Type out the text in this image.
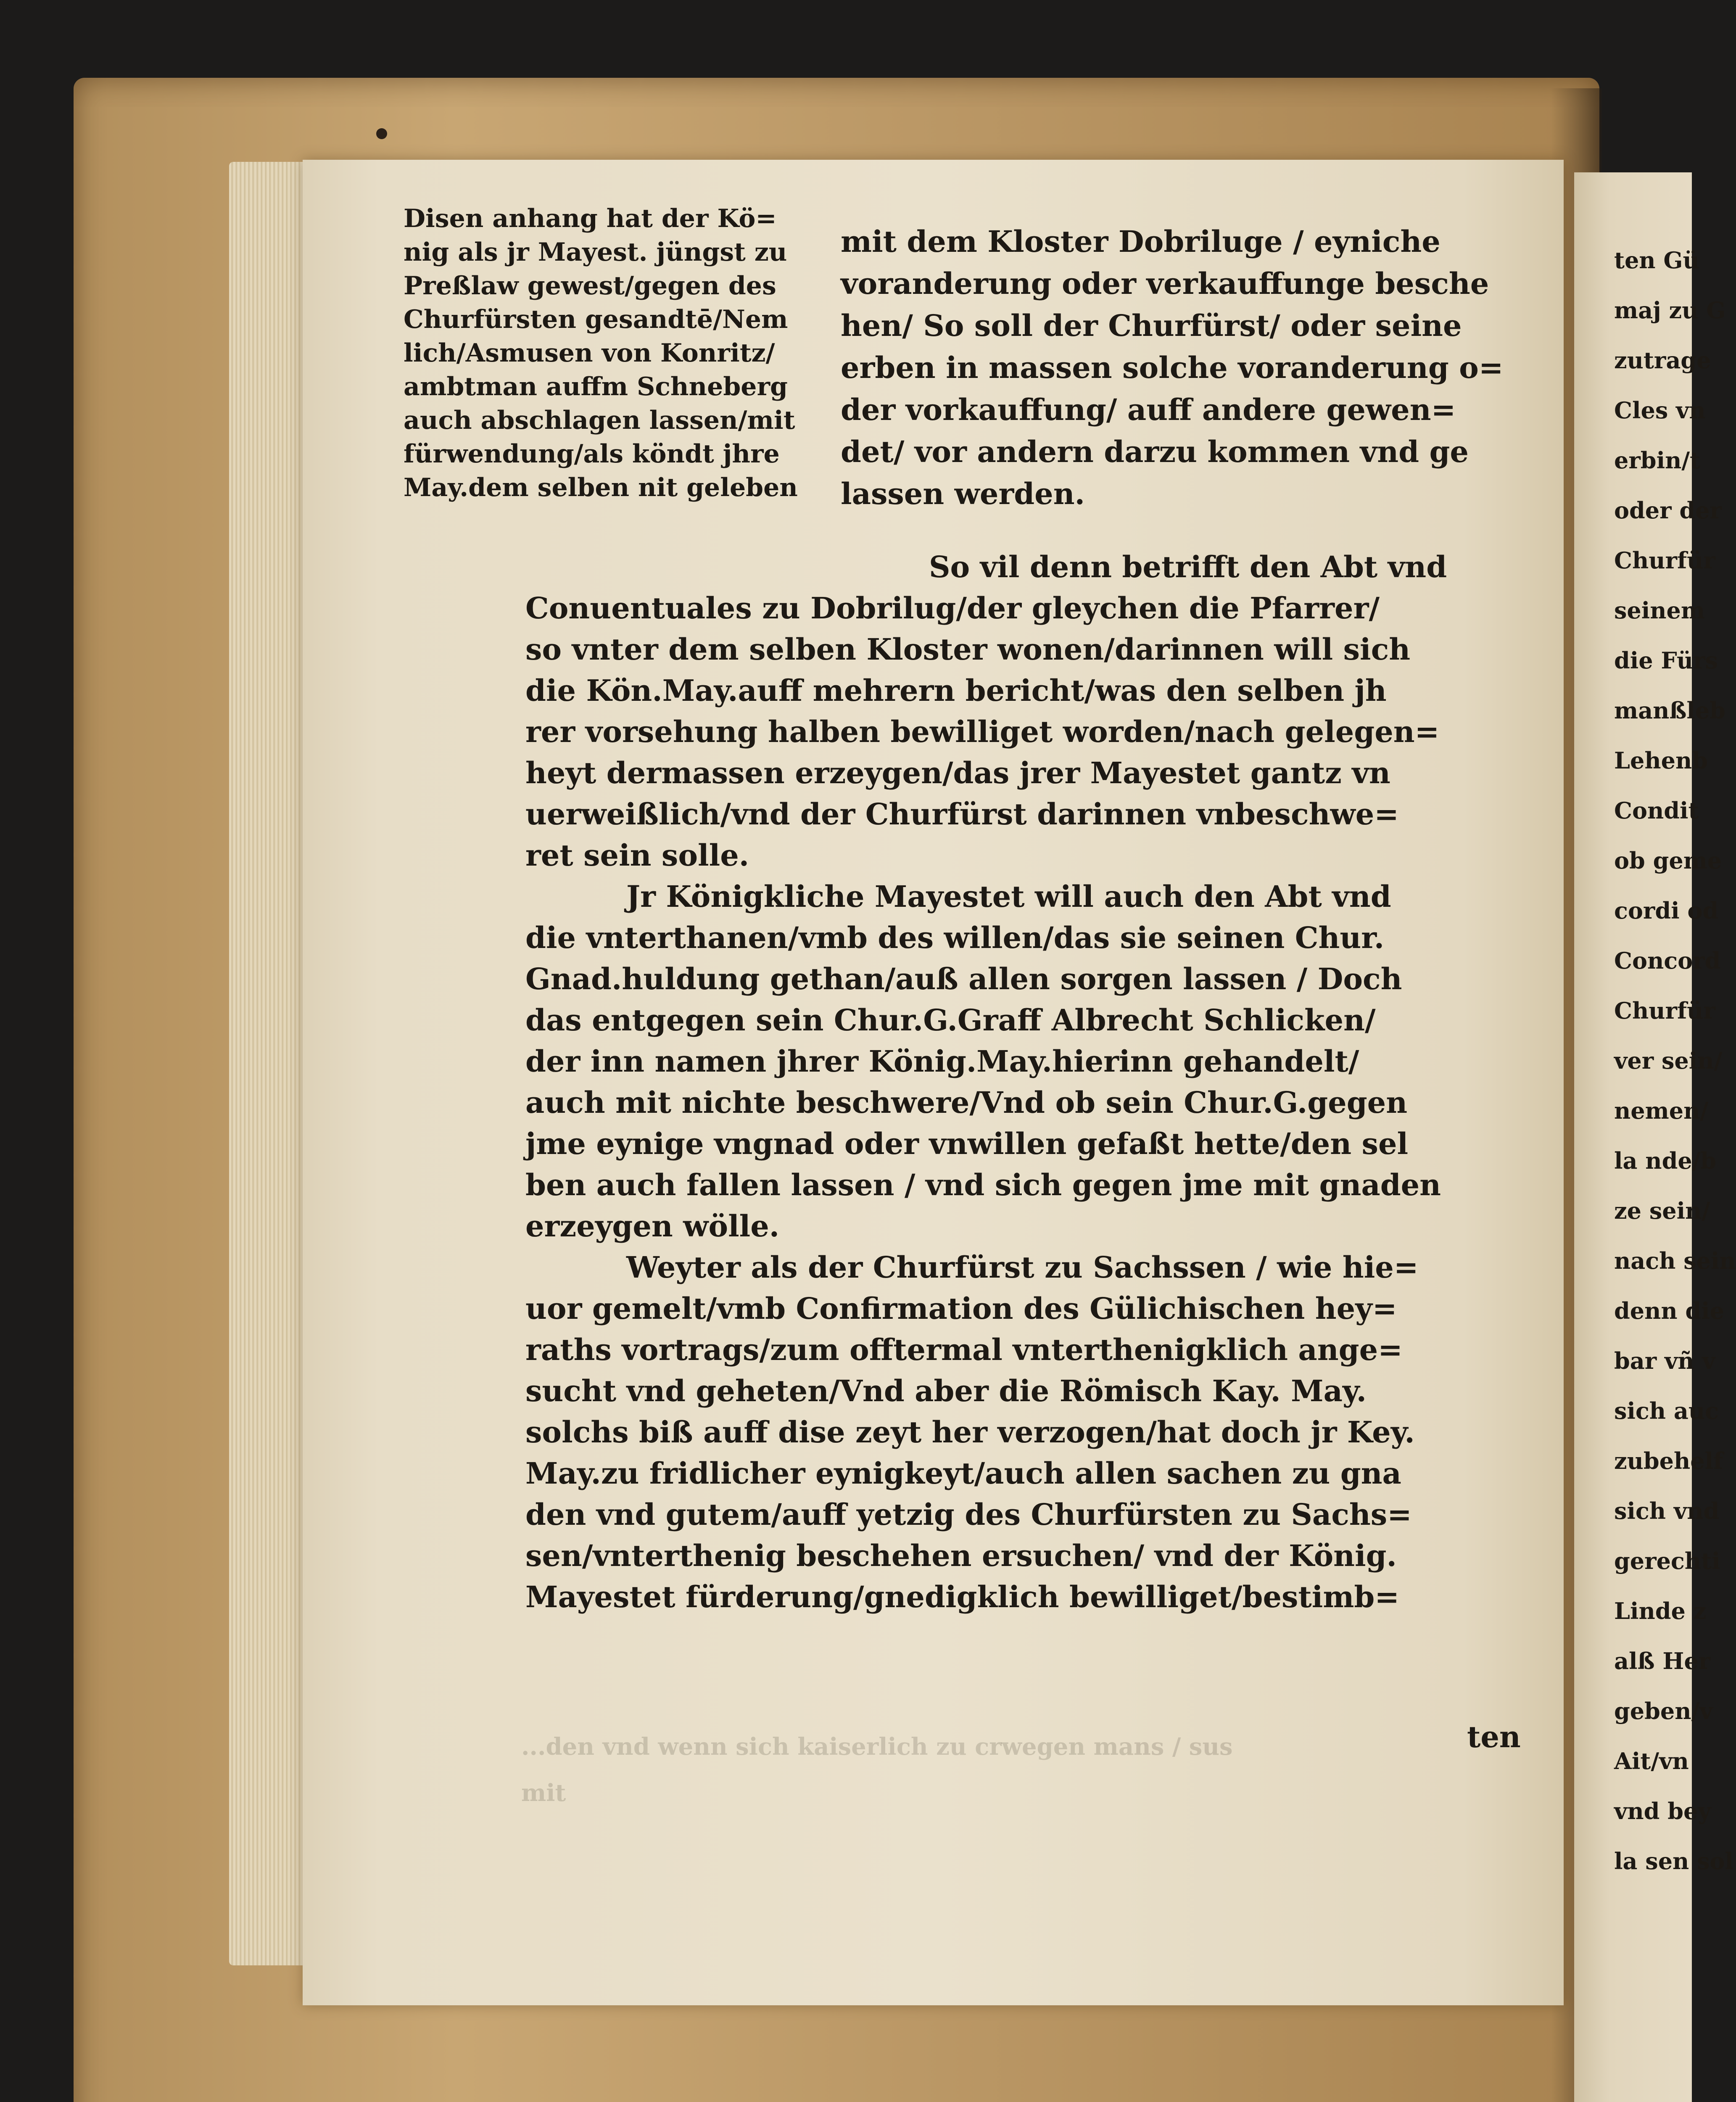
Disen anhang hat der Kö=
nig als jr Mayest. jüngst zu
Preßlaw gewest/gegen des
Churfürsten gesandtē/Nem
lich/Asmusen von Konritz/
ambtman auffm Schneberg
auch abschlagen lassen/mit
fürwendung/als köndt jhre
May.dem selben nit geleben
mit dem Kloster Dobrilugе / eyniche
voranderung oder verkauffunge beschе
hen/ So soll der Churfürst/ oder seine
erben in massen solche voranderung o=
der vorkauffung/ auff andere gewen=
det/ vor andern darzu kommen vnd ge
lassen werden.
So vil denn betrifft den Abt vnd
Conuentuales zu Dobrilug/der gleychen die Pfarrer/
so vnter dem selben Kloster wonen/darinnen will sich
die Kön.May.auff mehrern bericht/was den selben jh
rer vorsehung halben bewilliget worden/nach gelegen=
heyt dermassen erzeygen/das jrer Mayestet gantz vn
uerweißlich/vnd der Churfürst darinnen vnbeschwe=
ret sein solle.
Jr Königkliche Mayestet will auch den Abt vnd
die vnterthanen/vmb des willen/das sie seinen Chur.
Gnad.huldung gethan/auß allen sorgen lassen / Doch
das entgegen sein Chur.G.Graff Albrecht Schlicken/
der inn namen jhrer König.May.hierinn gehandelt/
auch mit nichte beschwere/Vnd ob sein Chur.G.gegen
jme eynige vngnad oder vnwillen gefaßt hette/den sel
ben auch fallen lassen / vnd sich gegen jme mit gnaden
erzeygen wölle.
Weyter als der Churfürst zu Sachssen / wie hie=
uor gemelt/vmb Confirmation des Gülichischen hey=
raths vortrags/zum offtermal vnterthenigklich ange=
sucht vnd geheten/Vnd aber die Römisch Kay. May.
solchs biß auff dise zeyt her verzogen/hat doch jr Key.
May.zu fridlicher eynigkeyt/auch allen sachen zu gna
den vnd gutem/auff yetzig des Churfürsten zu Sachs=
sen/vnterthenig beschehen ersuchen/ vnd der König.
Mayestet fürderung/gnedigklich bewilliget/bestimb=
ten
...den vnd wenn sich kaiserlich zu crwegen mans / sus
mit
ten Gü
maj zu G
zutrage
Cles vn
erbin/t
oder der
Churfür
seinem
die Fürs
manßleb
Lehenb
Condit
ob geme
cordi od
Concord
Churfür
ver sein/
nemen/
la nde/b
ze sein/
nach sein
denn die
bar vñ v
sich auc
zubehelf
sich vnd
gerechti
Linde z
alß Her
geben/v
Ait/vn
vnd bey
la sen sol
